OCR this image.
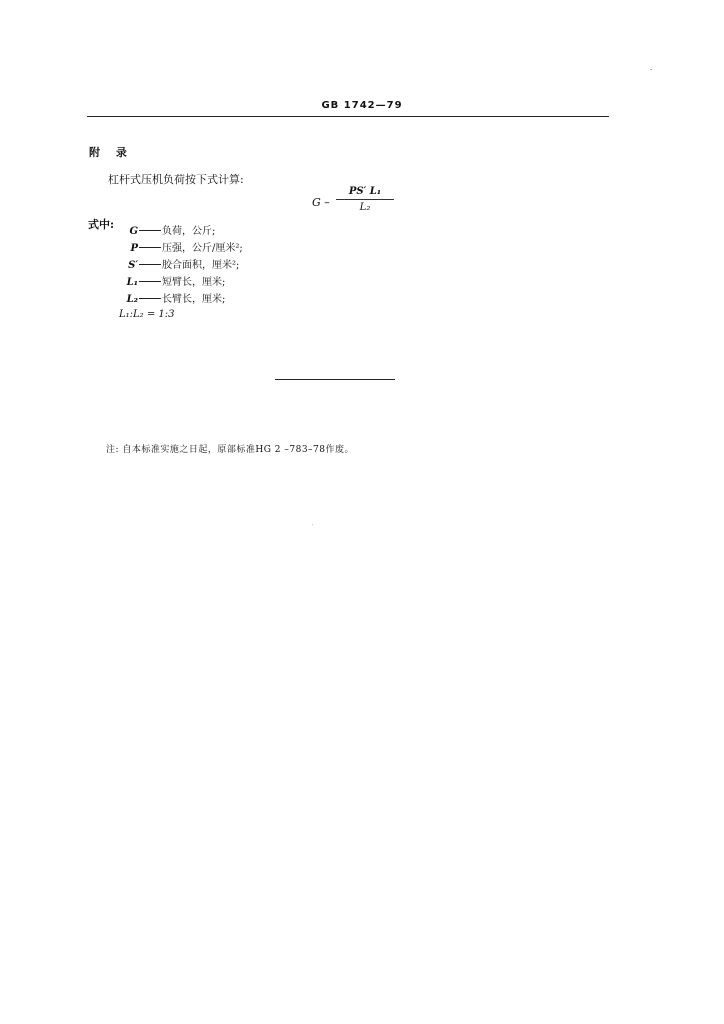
GB 1742—79
·
附 录
杠杆式压机负荷按下式计算:
G –
PS′ L₁
L₂
式中:
G 负荷，公斤;
P 压强，公斤/厘米²;
S′ 胶合面积，厘米²;
L₁ 短臂长，厘米;
L₂ 长臂长，厘米;
L₁:L₂ = 1:3
注: 自本标准实施之日起，原部标准HG 2 –783–78作废。
